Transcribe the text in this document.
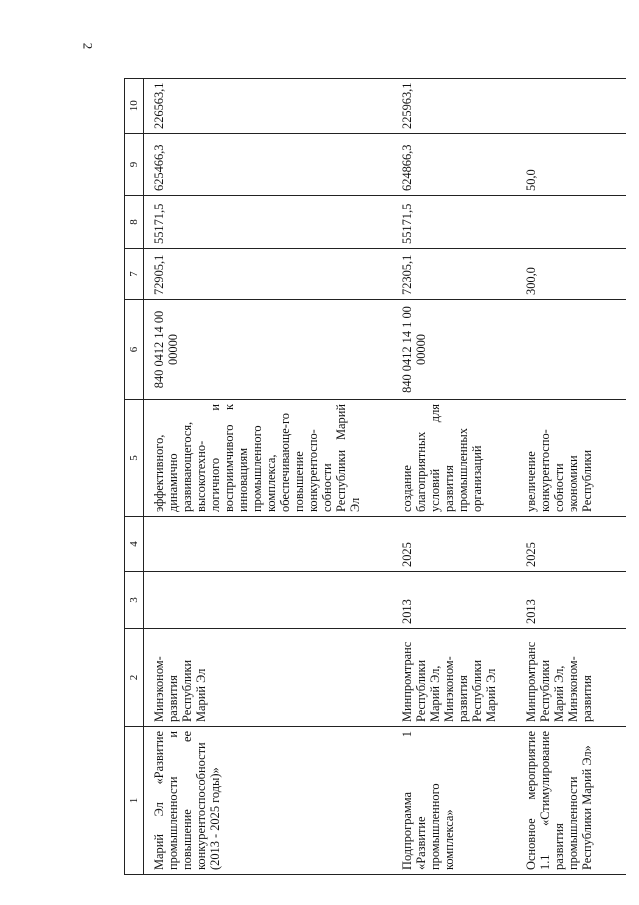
2
1	2	3	4	5	6	7	8	9	10
Марий Эл «Развитие промышленности и повышение ее конкурентоспособности (2013 - 2025 годы)»	Минэконом-развития Республики Марий Эл			эффективного, динамично развивающегося, высокотехно-логичного и восприимчивого к инновациям промышленного комплекса, обеспечивающе-го повышение конкурентоспо-собности Республики Марий Эл	840 0412 14 00 00000	72905,1	55171,5	625466,3	226563,1
Подпрограмма 1 «Развитие промышленного комплекса»	Минпромтранс Республики Марий Эл, Минэконом-развития Республики Марий Эл	2013	2025	создание благоприятных условий для развития промышленных организаций	840 0412 14 1 00 00000	72305,1	55171,5	624866,3	225963,1
Основное мероприятие 1.1 «Стимулирование развития промышленности Республики Марий Эл»	Минпромтранс Республики Марий Эл, Минэконом-развития	2013	2025	увеличение конкурентоспо-собности экономики Республики		300,0		50,0	
